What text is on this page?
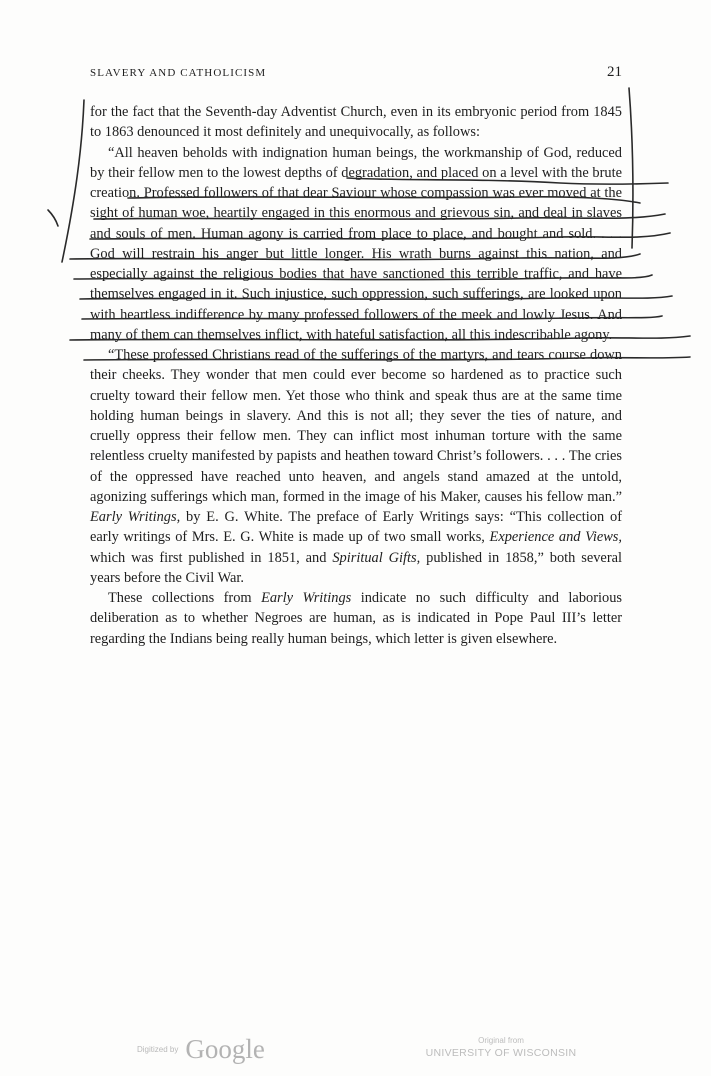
SLAVERY AND CATHOLICISM	21

for the fact that the Seventh-day Adventist Church, even in its embryonic period from 1845 to 1863 denounced it most definitely and unequivocally, as follows:

“All heaven beholds with indignation human beings, the workmanship of God, reduced by their fellow men to the lowest depths of degradation, and placed on a level with the brute creation. Professed followers of that dear Saviour whose compassion was ever moved at the sight of human woe, heartily engaged in this enormous and grievous sin, and deal in slaves and souls of men. Human agony is carried from place to place, and bought and sold. . . . God will restrain his anger but little longer. His wrath burns against this nation, and especially against the religious bodies that have sanctioned this terrible traffic, and have themselves engaged in it. Such injustice, such oppression, such sufferings, are looked upon with heartless indifference by many professed followers of the meek and lowly Jesus. And many of them can themselves inflict, with hateful satisfaction, all this indescribable agony.

“These professed Christians read of the sufferings of the martyrs, and tears course down their cheeks. They wonder that men could ever become so hardened as to practice such cruelty toward their fellow men. Yet those who think and speak thus are at the same time holding human beings in slavery. And this is not all; they sever the ties of nature, and cruelly oppress their fellow men. They can inflict most inhuman torture with the same relentless cruelty manifested by papists and heathen toward Christ’s followers. . . . The cries of the oppressed have reached unto heaven, and angels stand amazed at the untold, agonizing sufferings which man, formed in the image of his Maker, causes his fellow man.” Early Writings, by E. G. White. The preface of Early Writings says: “This collection of early writings of Mrs. E. G. White is made up of two small works, Experience and Views, which was first published in 1851, and Spiritual Gifts, published in 1858,” both several years before the Civil War.

These collections from Early Writings indicate no such difficulty and laborious deliberation as to whether Negroes are human, as is indicated in Pope Paul III’s letter regarding the Indians being really human beings, which letter is given elsewhere.

Digitized by Google	Original from
UNIVERSITY OF WISCONSIN
